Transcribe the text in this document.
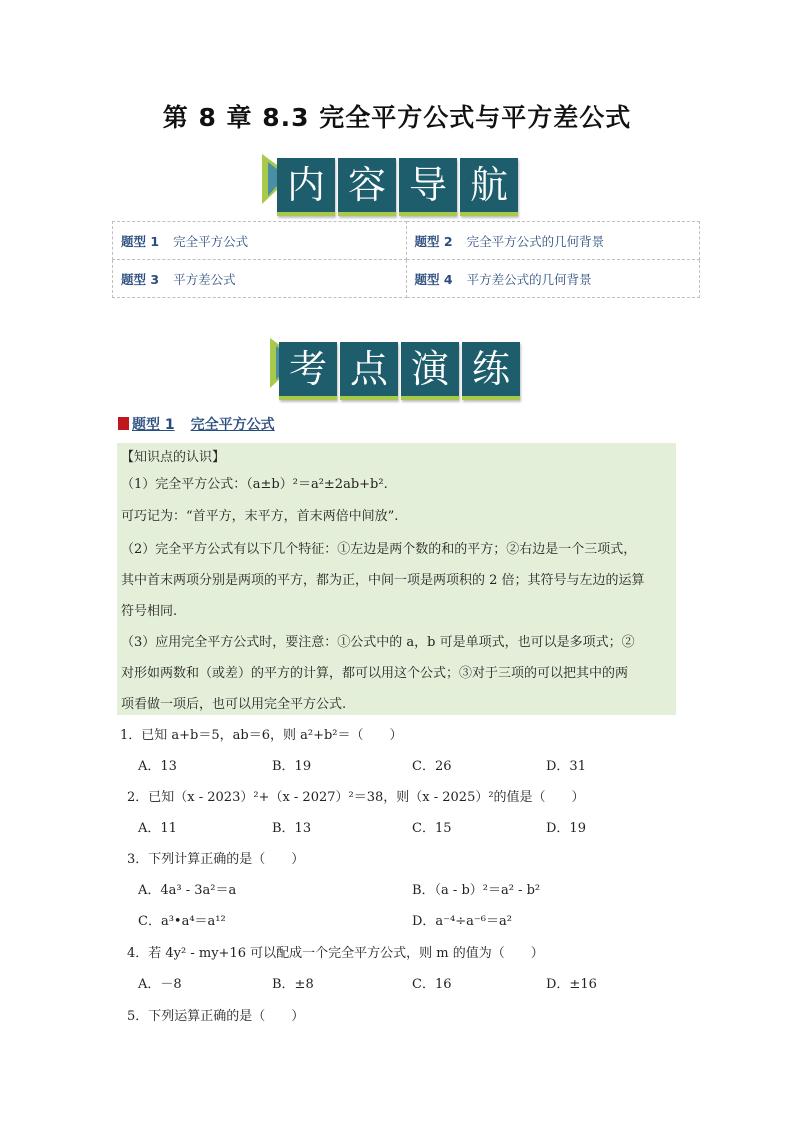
第 8 章 8.3 完全平方公式与平方差公式
内 容 导 航
题型 1 完全平方公式	题型 2 完全平方公式的几何背景
题型 3 平方差公式	题型 4 平方差公式的几何背景
考 点 演 练
题型 1 完全平方公式
【知识点的认识】
（1）完全平方公式：（a±b）²＝a²±2ab+b².
可巧记为：“首平方，末平方，首末两倍中间放”.
（2）完全平方公式有以下几个特征：①左边是两个数的和的平方；②右边是一个三项式，
其中首末两项分别是两项的平方，都为正，中间一项是两项积的 2 倍；其符号与左边的运算
符号相同.
（3）应用完全平方公式时，要注意：①公式中的 a，b 可是单项式，也可以是多项式；②
对形如两数和（或差）的平方的计算，都可以用这个公式；③对于三项的可以把其中的两
项看做一项后，也可以用完全平方公式.
1．已知 a+b＝5，ab＝6，则 a²+b²＝（　　）
A．13	B．19	C．26	D．31
2．已知（x - 2023）²+（x - 2027）²＝38，则（x - 2025）²的值是（　　）
A．11	B．13	C．15	D．19
3．下列计算正确的是（　　）
A．4a³ - 3a²＝a	B．（a - b）²＝a² - b²
C．a³•a⁴＝a¹²	D．a⁻⁴÷a⁻⁶＝a²
4．若 4y² - my+16 可以配成一个完全平方公式，则 m 的值为（　　）
A．－8	B．±8	C．16	D．±16
5．下列运算正确的是（　　）
